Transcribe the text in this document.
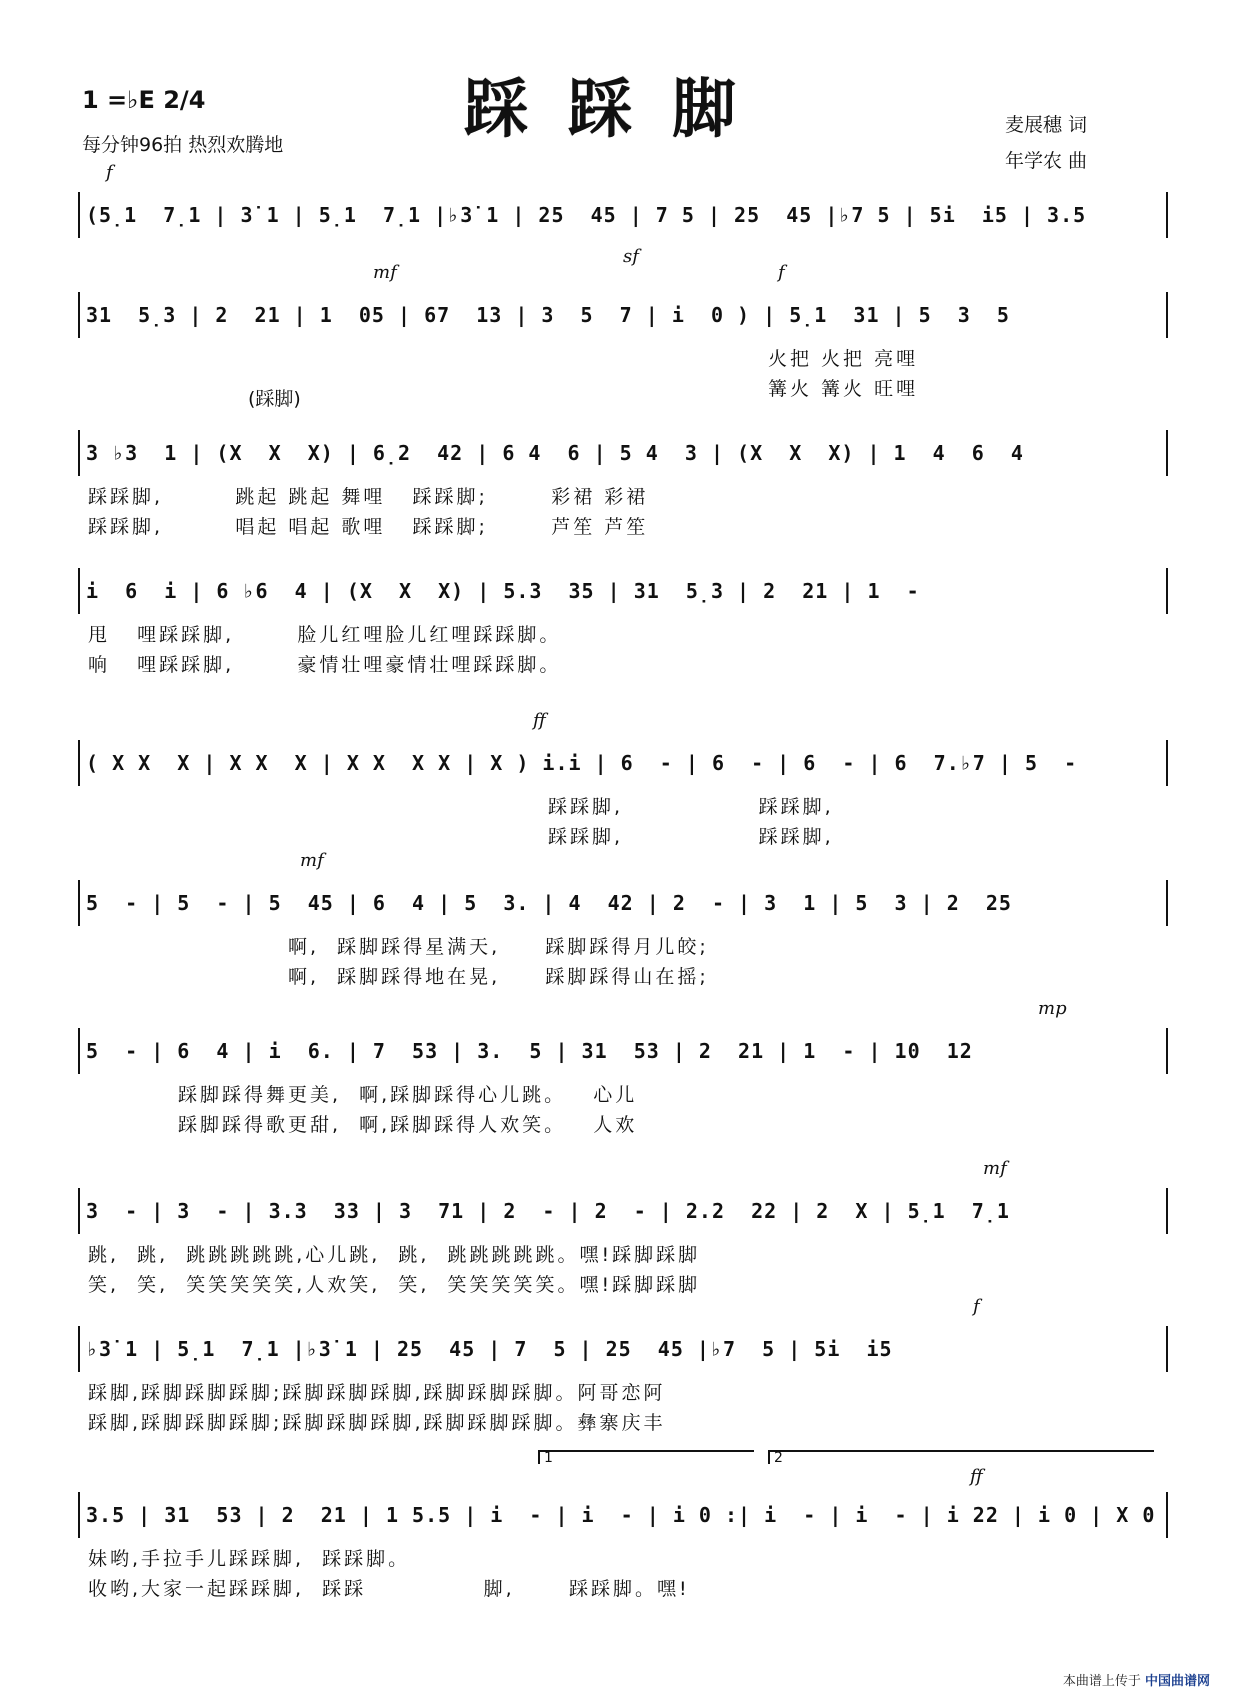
踩踩脚
1 =♭E 2/4
每分钟96拍 热烈欢腾地
麦展穗 词
年学农 曲
f
(5̣1  7̣1 | 3̇ 1 | 5̣1  7̣1 |♭3̇ 1 | 25  45 | 7 5 | 25  45 |♭7 5 | 5i  i5 | 3.5
mf
sf
f
31  5̣3 | 2  21 | 1  05 | 67  13 | 3  5  7 | i  0 ) | 5̣1  31 | 5  3  5
火把 火把 亮哩
篝火 篝火 旺哩
(踩脚)
3 ♭3  1 | (X  X  X) | 6̣2  42 | 6 4  6 | 5 4  3 | (X  X  X) | 1  4  6  4
踩踩脚,        跳起 跳起 舞哩   踩踩脚;       彩裙 彩裙
踩踩脚,        唱起 唱起 歌哩   踩踩脚;       芦笙 芦笙
i  6  i | 6 ♭6  4 | (X  X  X) | 5.3  35 | 31  5̣3 | 2  21 | 1  -
甩   哩踩踩脚,       脸儿红哩脸儿红哩踩踩脚。
响   哩踩踩脚,       豪情壮哩豪情壮哩踩踩脚。
ff
( X X  X | X X  X | X X  X X | X ) i.i | 6  - | 6  - | 6  - | 6  7.♭7 | 5  -
踩踩脚,               踩踩脚,
踩踩脚,               踩踩脚,
mf
5  - | 5  - | 5  45 | 6  4 | 5  3. | 4  42 | 2  - | 3  1 | 5  3 | 2  25
啊,  踩脚踩得星满天,     踩脚踩得月儿皎;
啊,  踩脚踩得地在晃,     踩脚踩得山在摇;
mp
5  - | 6  4 | i  6. | 7  53 | 3.  5 | 31  53 | 2  21 | 1  - | 10  12
踩脚踩得舞更美,  啊,踩脚踩得心儿跳。   心儿
踩脚踩得歌更甜,  啊,踩脚踩得人欢笑。   人欢
mf
3  - | 3  - | 3.3  33 | 3  71 | 2  - | 2  - | 2.2  22 | 2  X | 5̣1  7̣1
跳,  跳,  跳跳跳跳跳,心儿跳,  跳,  跳跳跳跳跳。嘿!踩脚踩脚
笑,  笑,  笑笑笑笑笑,人欢笑,  笑,  笑笑笑笑笑。嘿!踩脚踩脚
f
♭3̇ 1 | 5̣1  7̣1 |♭3̇ 1 | 25  45 | 7  5 | 25  45 |♭7  5 | 5i  i5
踩脚,踩脚踩脚踩脚;踩脚踩脚踩脚,踩脚踩脚踩脚。阿哥恋阿
踩脚,踩脚踩脚踩脚;踩脚踩脚踩脚,踩脚踩脚踩脚。彝寨庆丰
1	2
ff
3.5 | 31  53 | 2  21 | 1 5.5 | i  - | i  - | i 0 :| i  - | i  - | i 22 | i 0 | X 0
妹哟,手拉手儿踩踩脚,  踩踩脚。
收哟,大家一起踩踩脚,  踩踩             脚,      踩踩脚。嘿!
本曲谱上传于 中国曲谱网
